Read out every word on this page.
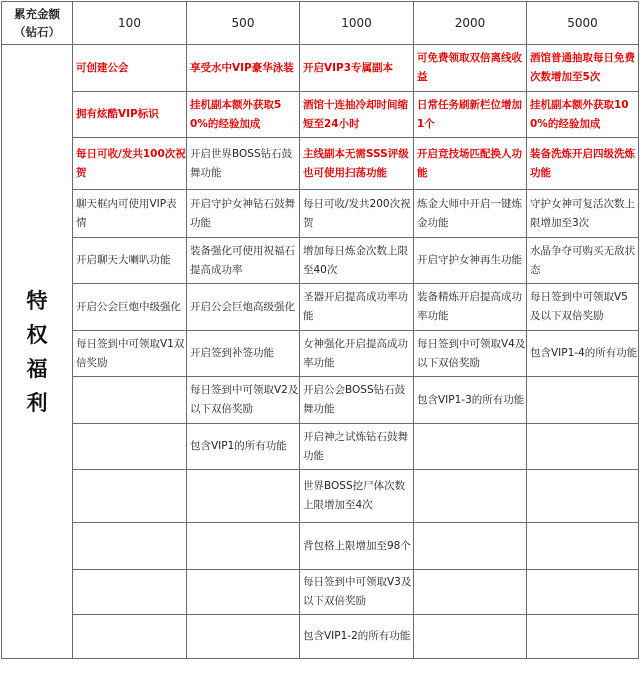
累充金额
（钻石）	100	500	1000	2000	5000

特
权
福
利	可创建公会	享受水中VIP豪华泳装	开启VIP3专属副本	可免费领取双倍离线收益	酒馆普通抽取每日免费次数增加至5次
	拥有炫酷VIP标识	挂机副本额外获取50%的经验加成	酒馆十连抽冷却时间缩短至24小时	日常任务刷新栏位增加1个	挂机副本额外获取100%的经验加成
	每日可收/发共100次祝贺	开启世界BOSS钻石鼓舞功能	主线副本无需SSS评级也可使用扫荡功能	开启竞技场匹配换人功能	装备洗炼开启四级洗炼功能
	聊天框内可使用VIP表情	开启守护女神钻石鼓舞功能	每日可收/发共200次祝贺	炼金大师中开启一键炼金功能	守护女神可复活次数上限增加至3次
	开启聊天大喇叭功能	装备强化可使用祝福石提高成功率	增加每日炼金次数上限至40次	开启守护女神再生功能	水晶争夺可购买无敌状态
	开启公会巨炮中级强化	开启公会巨炮高级强化	圣器开启提高成功率功能	装备精炼开启提高成功率功能	每日签到中可领取V5及以下双倍奖励
	每日签到中可领取V1双倍奖励	开启签到补签功能	女神强化开启提高成功率功能	每日签到中可领取V4及以下双倍奖励	包含VIP1-4的所有功能
		每日签到中可领取V2及以下双倍奖励	开启公会BOSS钻石鼓舞功能	包含VIP1-3的所有功能	
		包含VIP1的所有功能	开启神之试炼钻石鼓舞功能		
			世界BOSS挖尸体次数上限增加至4次		
			背包格上限增加至98个		
			每日签到中可领取V3及以下双倍奖励		
			包含VIP1-2的所有功能		
